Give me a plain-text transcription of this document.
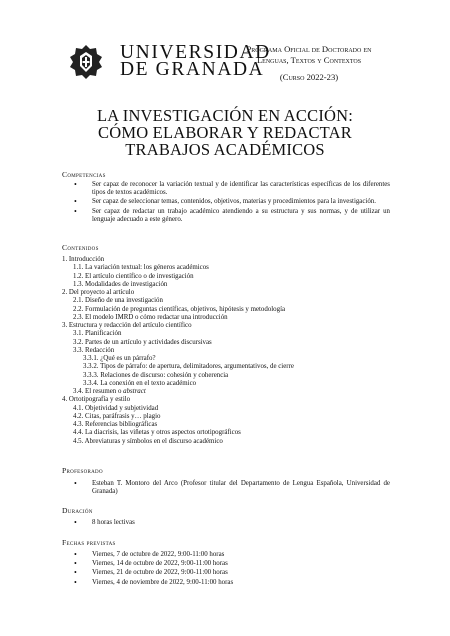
UNIVERSIDAD
DE GRANADA
Programa Oficial de Doctorado en
Lenguas, Textos y Contextos
(Curso 2022-23)
LA INVESTIGACIÓN EN ACCIÓN:
CÓMO ELABORAR Y REDACTAR
TRABAJOS ACADÉMICOS
Competencias
• Ser capaz de reconocer la variación textual y de identificar las características específicas de los diferentes tipos de textos académicos.
• Ser capaz de seleccionar temas, contenidos, objetivos, materias y procedimientos para la investigación.
• Ser capaz de redactar un trabajo académico atendiendo a su estructura y sus normas, y de utilizar un lenguaje adecuado a este género.
Contenidos
1. Introducción
1.1. La variación textual: los géneros académicos
1.2. El artículo científico o de investigación
1.3. Modalidades de investigación
2. Del proyecto al artículo
2.1. Diseño de una investigación
2.2. Formulación de preguntas científicas, objetivos, hipótesis y metodología
2.3. El modelo IMRD o cómo redactar una introducción
3. Estructura y redacción del artículo científico
3.1. Planificación
3.2. Partes de un artículo y actividades discursivas
3.3. Redacción
3.3.1. ¿Qué es un párrafo?
3.3.2. Tipos de párrafo: de apertura, delimitadores, argumentativos, de cierre
3.3.3. Relaciones de discurso: cohesión y coherencia
3.3.4. La conexión en el texto académico
3.4. El resumen o abstract
4. Ortotipografía y estilo
4.1. Objetividad y subjetividad
4.2. Citas, paráfrasis y… plagio
4.3. Referencias bibliográficas
4.4. La diacrisis, las viñetas y otros aspectos ortotipográficos
4.5. Abreviaturas y símbolos en el discurso académico
Profesorado
• Esteban T. Montoro del Arco (Profesor titular del Departamento de Lengua Española, Universidad de Granada)
Duración
• 8 horas lectivas
Fechas previstas
• Viernes, 7 de octubre de 2022, 9:00-11:00 horas
• Viernes, 14 de octubre de 2022, 9:00-11:00 horas
• Viernes, 21 de octubre de 2022, 9:00-11:00 horas
• Viernes, 4 de noviembre de 2022, 9:00-11:00 horas
